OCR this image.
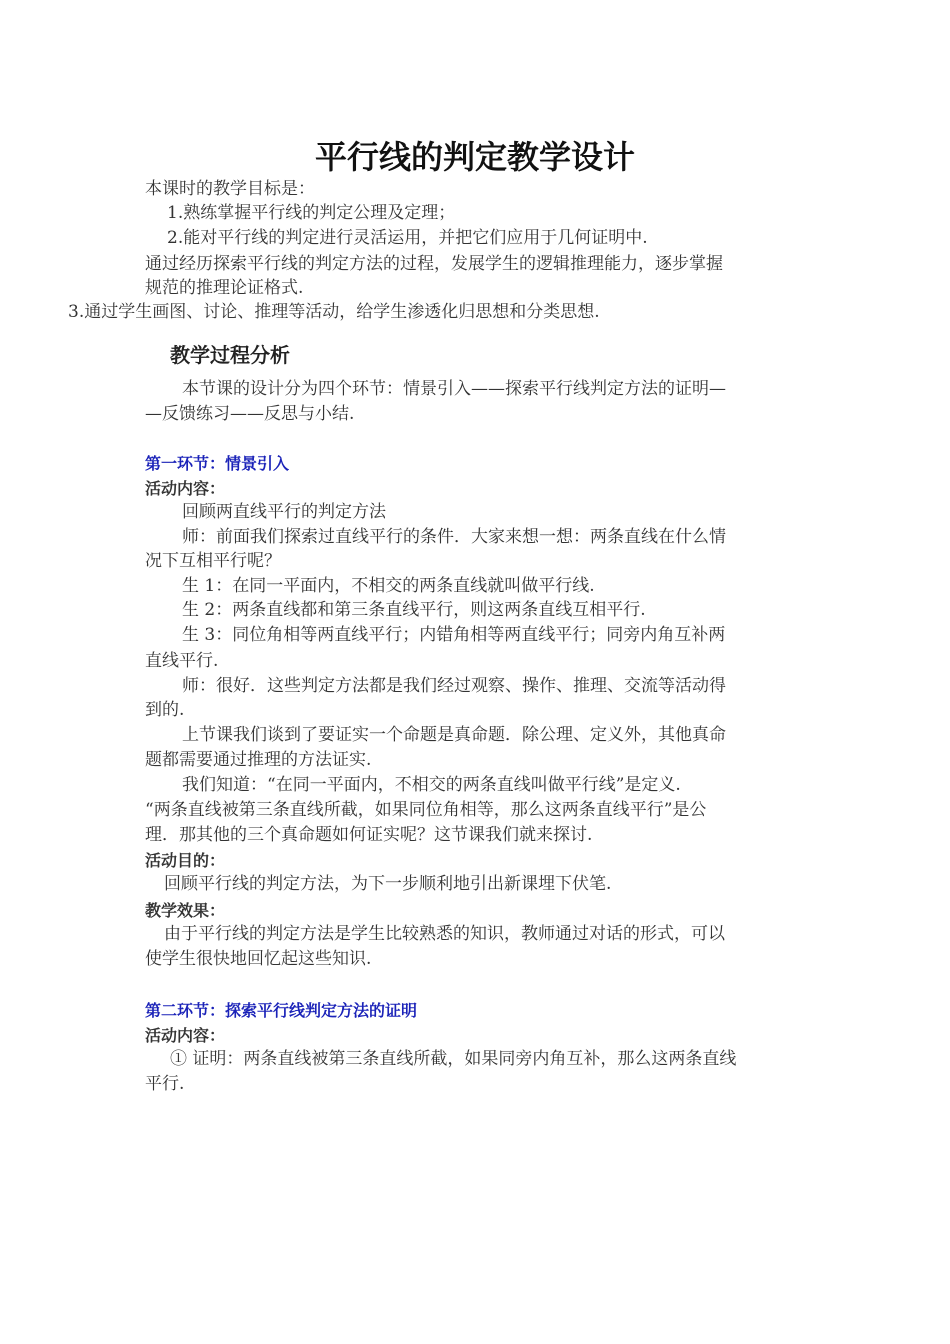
平行线的判定教学设计
本课时的教学目标是：
1.熟练掌握平行线的判定公理及定理；
2.能对平行线的判定进行灵活运用，并把它们应用于几何证明中.
通过经历探索平行线的判定方法的过程，发展学生的逻辑推理能力，逐步掌握
规范的推理论证格式.
3.通过学生画图、讨论、推理等活动，给学生渗透化归思想和分类思想.
教学过程分析
本节课的设计分为四个环节：情景引入——探索平行线判定方法的证明—
—反馈练习——反思与小结.
第一环节：情景引入
活动内容：
回顾两直线平行的判定方法
师：前面我们探索过直线平行的条件．大家来想一想：两条直线在什么情
况下互相平行呢？
生 1：在同一平面内，不相交的两条直线就叫做平行线.
生 2：两条直线都和第三条直线平行，则这两条直线互相平行.
生 3：同位角相等两直线平行；内错角相等两直线平行；同旁内角互补两
直线平行.
师：很好．这些判定方法都是我们经过观察、操作、推理、交流等活动得
到的.
上节课我们谈到了要证实一个命题是真命题．除公理、定义外，其他真命
题都需要通过推理的方法证实.
我们知道：“在同一平面内，不相交的两条直线叫做平行线”是定义.
“两条直线被第三条直线所截，如果同位角相等，那么这两条直线平行”是公
理．那其他的三个真命题如何证实呢？这节课我们就来探讨.
活动目的：
回顾平行线的判定方法，为下一步顺利地引出新课埋下伏笔.
教学效果：
由于平行线的判定方法是学生比较熟悉的知识，教师通过对话的形式，可以
使学生很快地回忆起这些知识.
第二环节：探索平行线判定方法的证明
活动内容：
① 证明：两条直线被第三条直线所截，如果同旁内角互补，那么这两条直线
平行.
